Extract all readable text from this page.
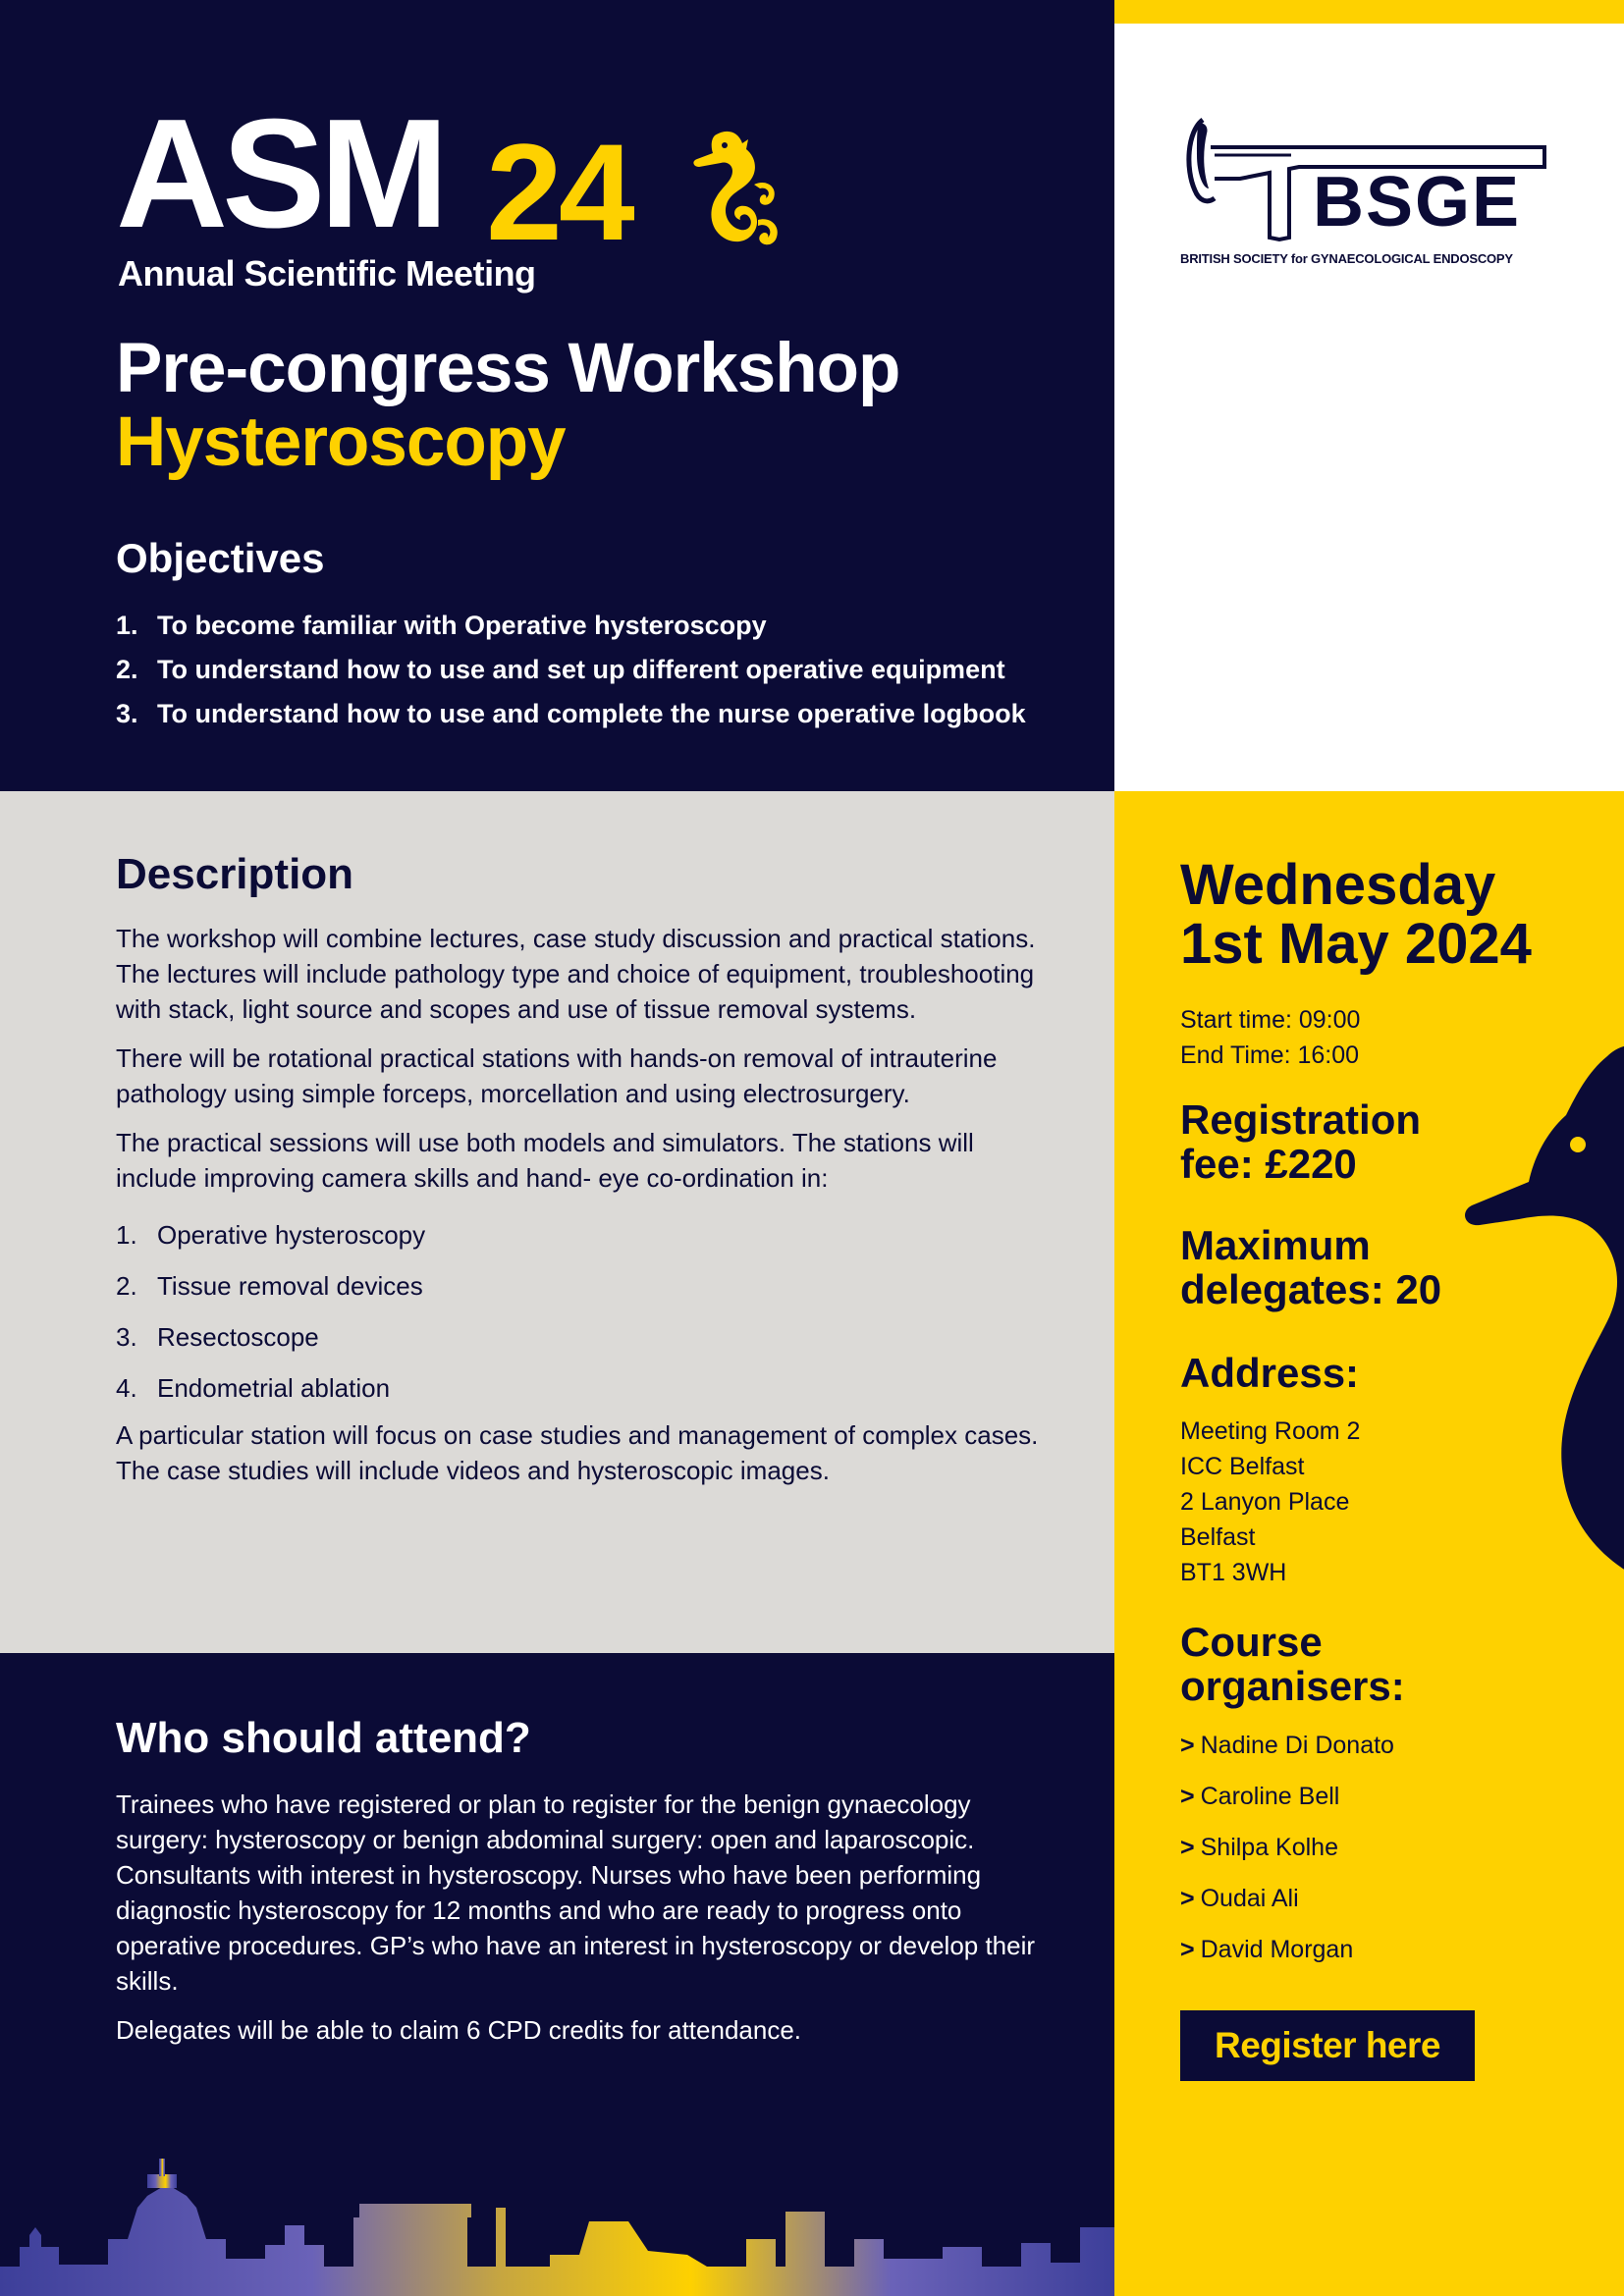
ASM 24
Annual Scientific Meeting
Pre-congress Workshop
Hysteroscopy
Objectives
1. To become familiar with Operative hysteroscopy
2. To understand how to use and set up different operative equipment
3. To understand how to use and complete the nurse operative logbook
BSGE
BRITISH SOCIETY for GYNAECOLOGICAL ENDOSCOPY
Description

The workshop will combine lectures, case study discussion and practical stations. The lectures will include pathology type and choice of equipment, troubleshooting with stack, light source and scopes and use of tissue removal systems.

There will be rotational practical stations with hands-on removal of intrauterine pathology using simple forceps, morcellation and using electrosurgery.

The practical sessions will use both models and simulators. The stations will include improving camera skills and hand- eye co-ordination in:

1. Operative hysteroscopy
2. Tissue removal devices
3. Resectoscope
4. Endometrial ablation

A particular station will focus on case studies and management of complex cases. The case studies will include videos and hysteroscopic images.

Who should attend?

Trainees who have registered or plan to register for the benign gynaecology surgery: hysteroscopy or benign abdominal surgery: open and laparoscopic. Consultants with interest in hysteroscopy. Nurses who have been performing diagnostic hysteroscopy for 12 months and who are ready to progress onto operative procedures. GP’s who have an interest in hysteroscopy or develop their skills.

Delegates will be able to claim 6 CPD credits for attendance.

Wednesday
1st May 2024
Start time: 09:00
End Time: 16:00
Registration
fee: £220
Maximum
delegates: 20
Address:
Meeting Room 2
ICC Belfast
2 Lanyon Place
Belfast
BT1 3WH
Course
organisers:
> Nadine Di Donato
> Caroline Bell
> Shilpa Kolhe
> Oudai Ali
> David Morgan
Register here
